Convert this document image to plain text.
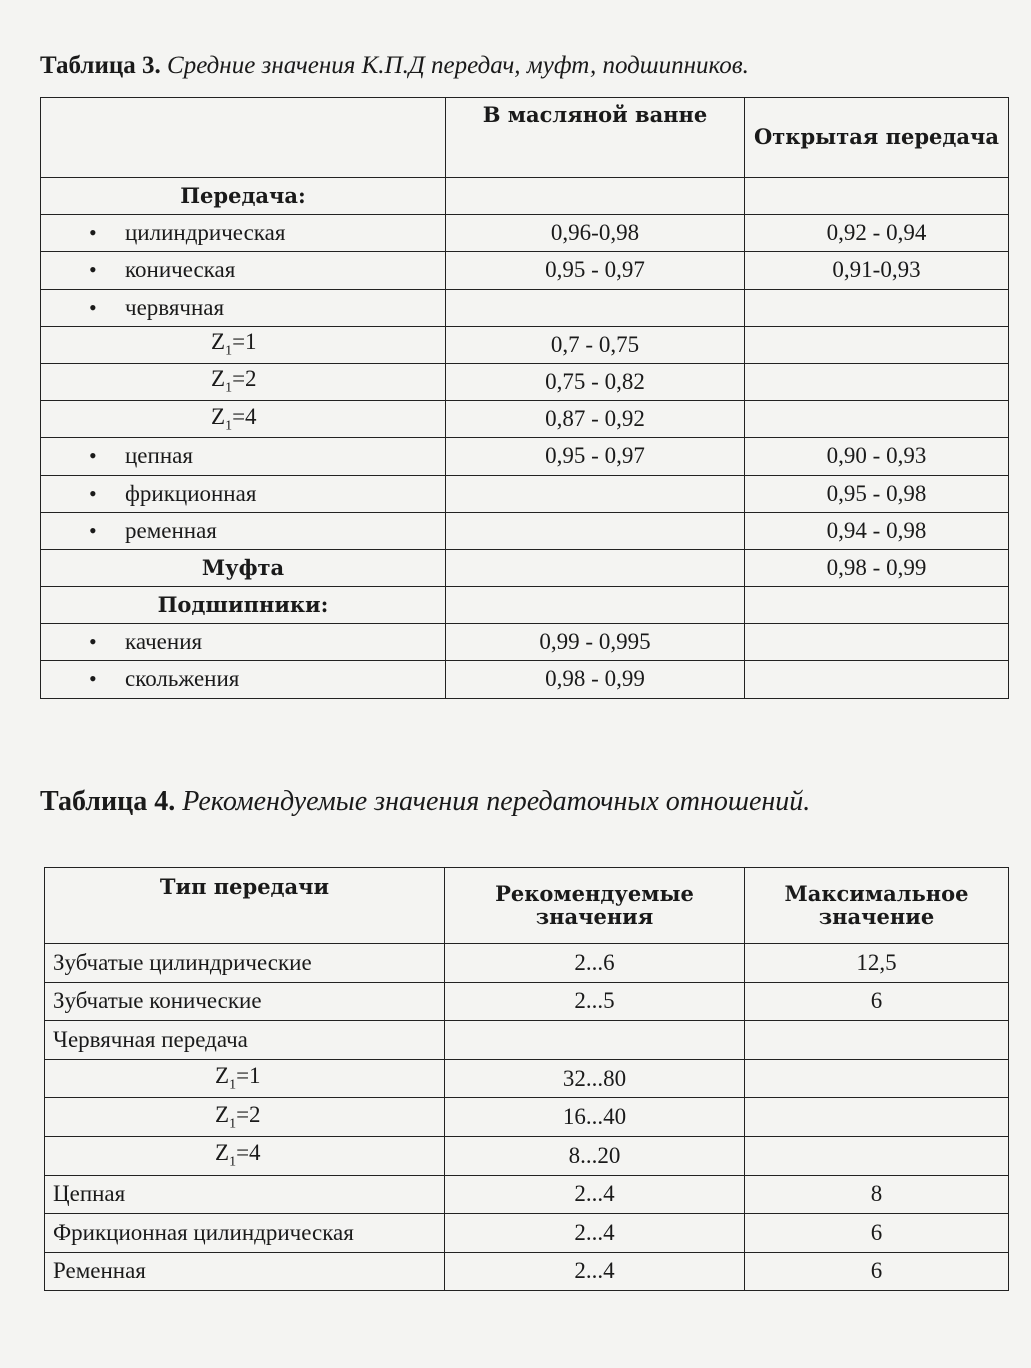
Таблица 3. Средние значения К.П.Д передач, муфт, подшипников.
	В масляной ванне	Открытая передача
Передача:		
• цилиндрическая	0,96-0,98	0,92 - 0,94
• коническая	0,95 - 0,97	0,91-0,93
• червячная		
$Z_1=1$	0,7 - 0,75	
$Z_1=2$	0,75 - 0,82	
$Z_1=4$	0,87 - 0,92	
• цепная	0,95 - 0,97	0,90 - 0,93
• фрикционная		0,95 - 0,98
• ременная		0,94 - 0,98
Муфта		0,98 - 0,99
Подшипники:		
• качения	0,99 - 0,995	
• скольжения	0,98 - 0,99	
Таблица 4. Рекомендуемые значения передаточных отношений.
Тип передачи	Рекомендуемые значения	Максимальное значение
Зубчатые цилиндрические	2...6	12,5
Зубчатые конические	2...5	6
Червячная передача		
$Z_1=1$	32...80	
$Z_1=2$	16...40	
$Z_1=4$	8...20	
Цепная	2...4	8
Фрикционная цилиндрическая	2...4	6
Ременная	2...4	6
